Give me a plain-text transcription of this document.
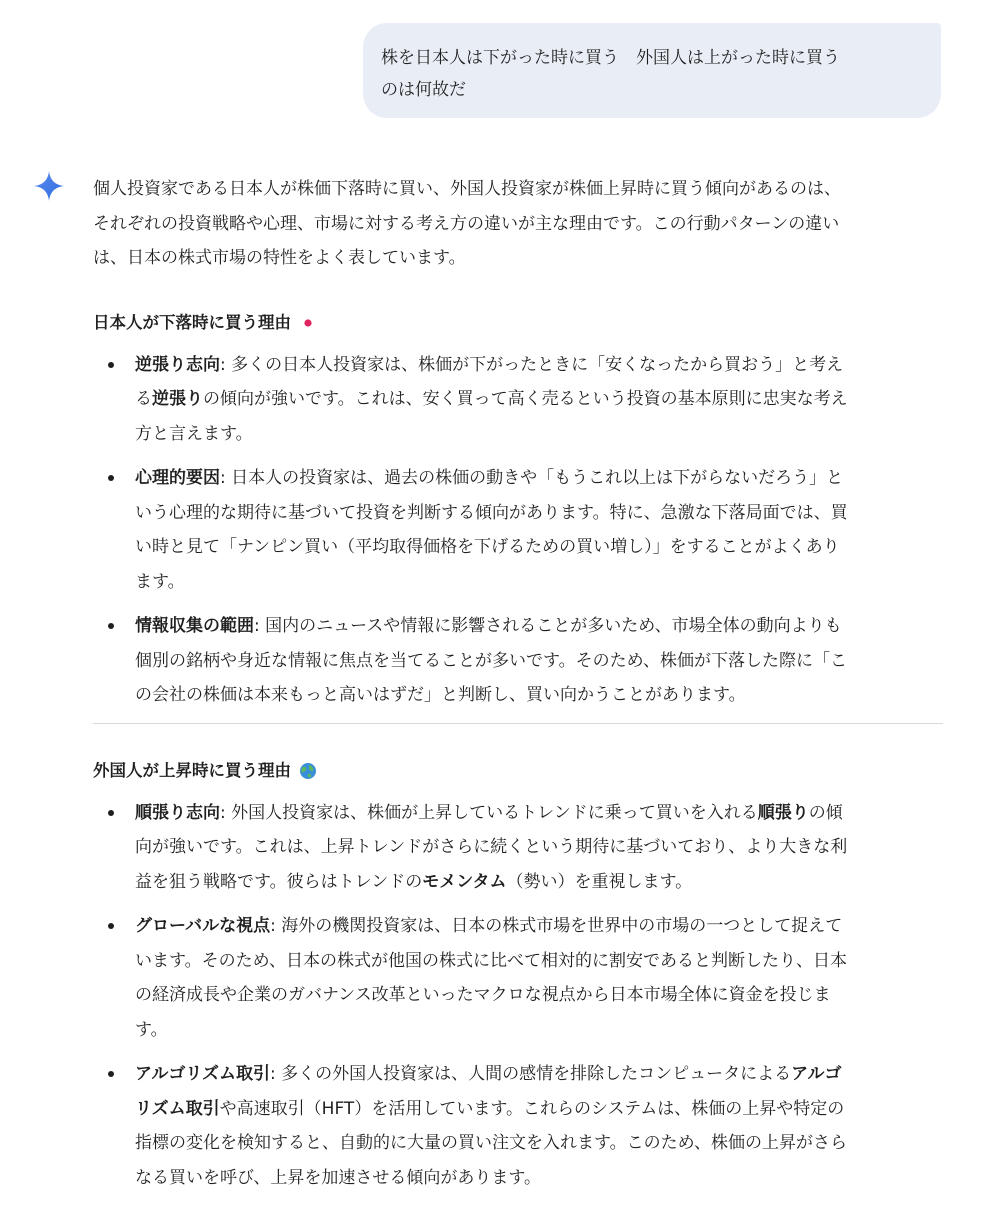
株を日本人は下がった時に買う　外国人は上がった時に買う
のは何故だ
個人投資家である日本人が株価下落時に買い、外国人投資家が株価上昇時に買う傾向があるのは、
それぞれの投資戦略や心理、市場に対する考え方の違いが主な理由です。この行動パターンの違い
は、日本の株式市場の特性をよく表しています。
日本人が下落時に買う理由
逆張り志向: 多くの日本人投資家は、株価が下がったときに「安くなったから買おう」と考え
る逆張りの傾向が強いです。これは、安く買って高く売るという投資の基本原則に忠実な考え
方と言えます。
心理的要因: 日本人の投資家は、過去の株価の動きや「もうこれ以上は下がらないだろう」と
いう心理的な期待に基づいて投資を判断する傾向があります。特に、急激な下落局面では、買
い時と見て「ナンピン買い（平均取得価格を下げるための買い増し）」をすることがよくあり
ます。
情報収集の範囲: 国内のニュースや情報に影響されることが多いため、市場全体の動向よりも
個別の銘柄や身近な情報に焦点を当てることが多いです。そのため、株価が下落した際に「こ
の会社の株価は本来もっと高いはずだ」と判断し、買い向かうことがあります。
外国人が上昇時に買う理由
順張り志向: 外国人投資家は、株価が上昇しているトレンドに乗って買いを入れる順張りの傾
向が強いです。これは、上昇トレンドがさらに続くという期待に基づいており、より大きな利
益を狙う戦略です。彼らはトレンドのモメンタム（勢い）を重視します。
グローバルな視点: 海外の機関投資家は、日本の株式市場を世界中の市場の一つとして捉えて
います。そのため、日本の株式が他国の株式に比べて相対的に割安であると判断したり、日本
の経済成長や企業のガバナンス改革といったマクロな視点から日本市場全体に資金を投じま
す。
アルゴリズム取引: 多くの外国人投資家は、人間の感情を排除したコンピュータによるアルゴ
リズム取引や高速取引（HFT）を活用しています。これらのシステムは、株価の上昇や特定の
指標の変化を検知すると、自動的に大量の買い注文を入れます。このため、株価の上昇がさら
なる買いを呼び、上昇を加速させる傾向があります。
